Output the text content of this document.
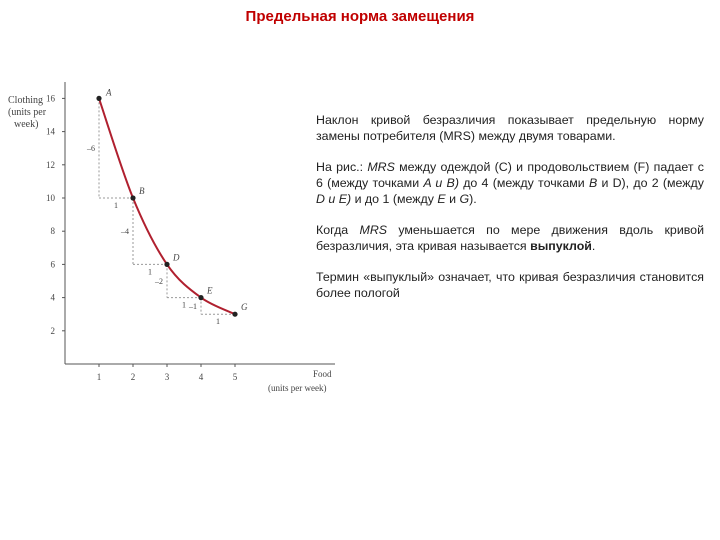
Предельная норма замещения
2
4
6
8
10
12
14
16
1	2	3	4	5
–6
1
–4
1
–2
1 –1
1
A
B
D
E
G
Clothing
(units per
week)
Food
(units per week)

Наклон кривой безразличия показывает предельную норму замены потребителя (MRS) между двумя товарами.

На рис.: MRS между одеждой (C) и продовольствием (F) падает с 6 (между точками A и B) до 4 (между точками B и D), до 2 (между D и E) и до 1 (между E и G).

Когда MRS уменьшается по мере движения вдоль кривой безразличия, эта кривая называется выпуклой.

Термин «выпуклый» означает, что кривая безразличия становится более пологой
